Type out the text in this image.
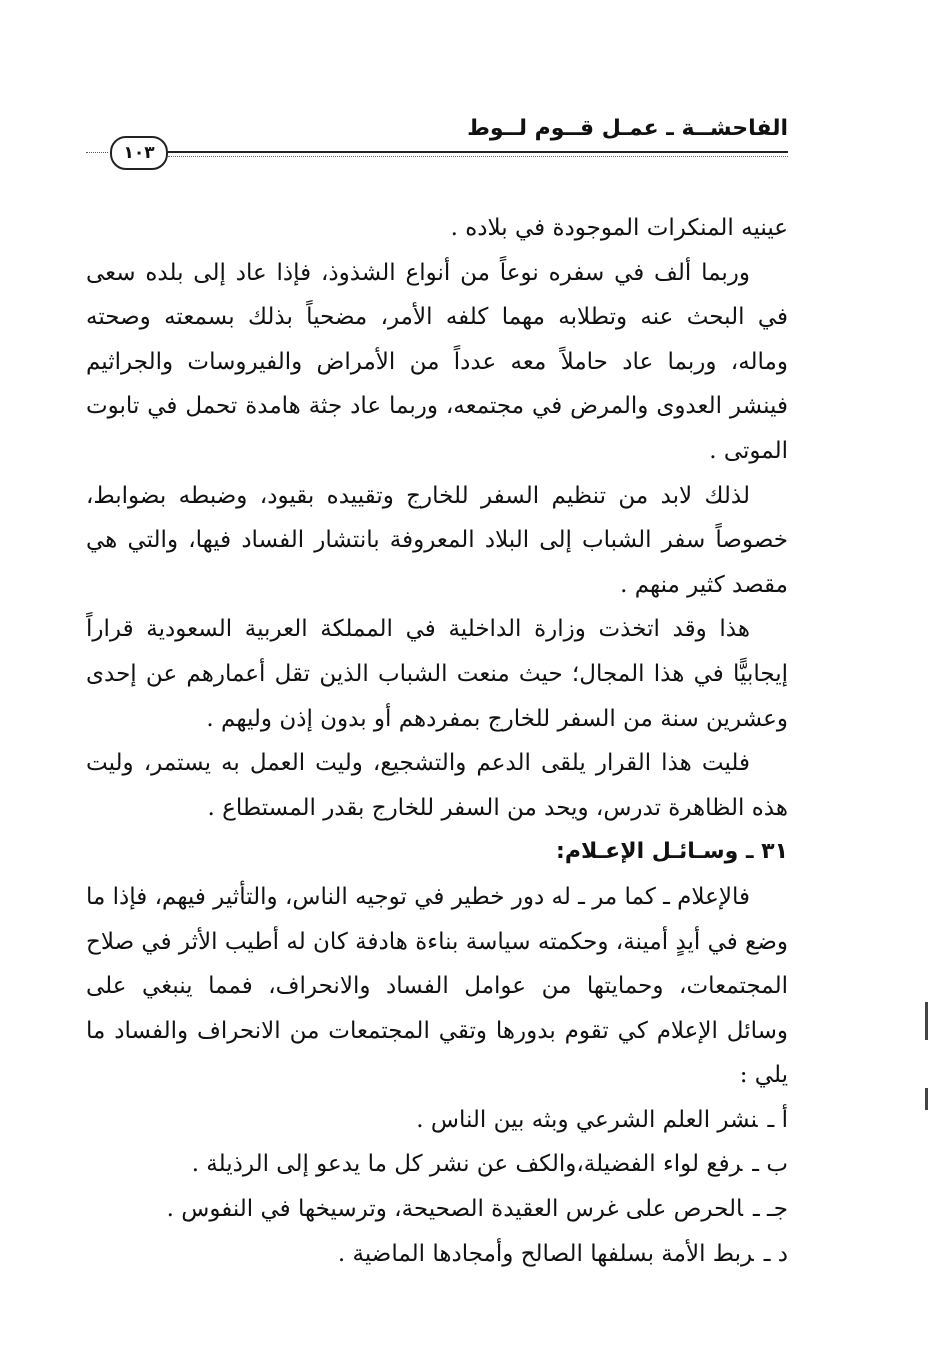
الفاحشــة ـ عمـل قــوم لــوط
١٠٣

عينيه المنكرات الموجودة في بلاده .

وربما ألف في سفره نوعاً من أنواع الشذوذ، فإذا عاد إلى بلده سعى في البحث عنه وتطلابه مهما كلفه الأمر، مضحياً بذلك بسمعته وصحته وماله، وربما عاد حاملاً معه عدداً من الأمراض والفيروسات والجراثيم فينشر العدوى والمرض في مجتمعه، وربما عاد جثة هامدة تحمل في تابوت الموتى .

لذلك لابد من تنظيم السفر للخارج وتقييده بقيود، وضبطه بضوابط، خصوصاً سفر الشباب إلى البلاد المعروفة بانتشار الفساد فيها، والتي هي مقصد كثير منهم .

هذا وقد اتخذت وزارة الداخلية في المملكة العربية السعودية قراراً إيجابيًّا في هذا المجال؛ حيث منعت الشباب الذين تقل أعمارهم عن إحدى وعشرين سنة من السفر للخارج بمفردهم أو بدون إذن وليهم .

فليت هذا القرار يلقى الدعم والتشجيع، وليت العمل به يستمر، وليت هذه الظاهرة تدرس، ويحد من السفر للخارج بقدر المستطاع .

٣١ ـ وسـائـل الإعـلام:

فالإعلام ـ كما مر ـ له دور خطير في توجيه الناس، والتأثير فيهم، فإذا ما وضع في أيدٍ أمينة، وحكمته سياسة بناءة هادفة كان له أطيب الأثر في صلاح المجتمعات، وحمايتها من عوامل الفساد والانحراف، فمما ينبغي على وسائل الإعلام كي تقوم بدورها وتقي المجتمعات من الانحراف والفساد ما يلي :

أ ـنشر العلم الشرعي وبثه بين الناس .

ب ـرفع لواء الفضيلة،والكف عن نشر كل ما يدعو إلى الرذيلة .

جـ ـالحرص على غرس العقيدة الصحيحة، وترسيخها في النفوس .

د ـربط الأمة بسلفها الصالح وأمجادها الماضية .
